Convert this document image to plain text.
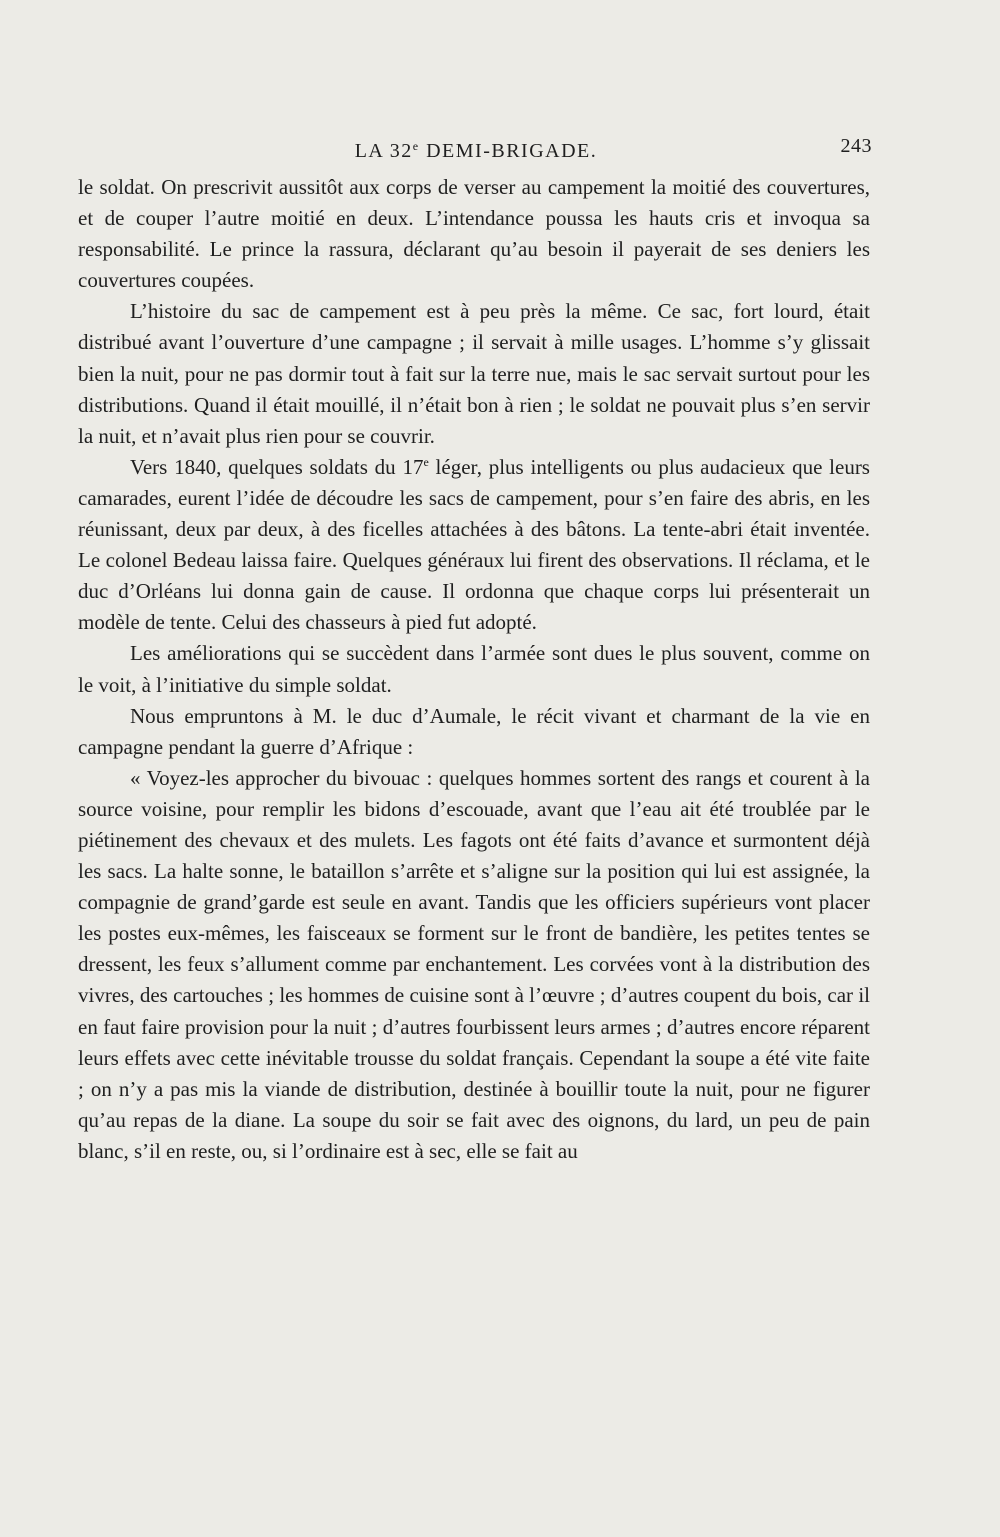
LA 32e DEMI-BRIGADE.	243

le soldat. On prescrivit aussitôt aux corps de verser au campement la moitié des couvertures, et de couper l’autre moitié en deux. L’intendance poussa les hauts cris et invoqua sa responsabilité. Le prince la rassura, déclarant qu’au besoin il payerait de ses deniers les couvertures coupées.

L’histoire du sac de campement est à peu près la même. Ce sac, fort lourd, était distribué avant l’ouverture d’une campagne ; il servait à mille usages. L’homme s’y glissait bien la nuit, pour ne pas dormir tout à fait sur la terre nue, mais le sac servait surtout pour les distributions. Quand il était mouillé, il n’était bon à rien ; le soldat ne pouvait plus s’en servir la nuit, et n’avait plus rien pour se couvrir.

Vers 1840, quelques soldats du 17e léger, plus intelligents ou plus audacieux que leurs camarades, eurent l’idée de découdre les sacs de campement, pour s’en faire des abris, en les réunissant, deux par deux, à des ficelles attachées à des bâtons. La tente-abri était inventée. Le colonel Bedeau laissa faire. Quelques généraux lui firent des observations. Il réclama, et le duc d’Orléans lui donna gain de cause. Il ordonna que chaque corps lui présenterait un modèle de tente. Celui des chasseurs à pied fut adopté.

Les améliorations qui se succèdent dans l’armée sont dues le plus souvent, comme on le voit, à l’initiative du simple soldat.

Nous empruntons à M. le duc d’Aumale, le récit vivant et charmant de la vie en campagne pendant la guerre d’Afrique :

« Voyez-les approcher du bivouac : quelques hommes sortent des rangs et courent à la source voisine, pour remplir les bidons d’escouade, avant que l’eau ait été troublée par le piétinement des chevaux et des mulets. Les fagots ont été faits d’avance et surmontent déjà les sacs. La halte sonne, le bataillon s’arrête et s’aligne sur la position qui lui est assignée, la compagnie de grand’garde est seule en avant. Tandis que les officiers supérieurs vont placer les postes eux-mêmes, les faisceaux se forment sur le front de bandière, les petites tentes se dressent, les feux s’allument comme par enchantement. Les corvées vont à la distribution des vivres, des cartouches ; les hommes de cuisine sont à l’œuvre ; d’autres coupent du bois, car il en faut faire provision pour la nuit ; d’autres fourbissent leurs armes ; d’autres encore réparent leurs effets avec cette inévitable trousse du soldat français. Cependant la soupe a été vite faite ; on n’y a pas mis la viande de distribution, destinée à bouillir toute la nuit, pour ne figurer qu’au repas de la diane. La soupe du soir se fait avec des oignons, du lard, un peu de pain blanc, s’il en reste, ou, si l’ordinaire est à sec, elle se fait au
